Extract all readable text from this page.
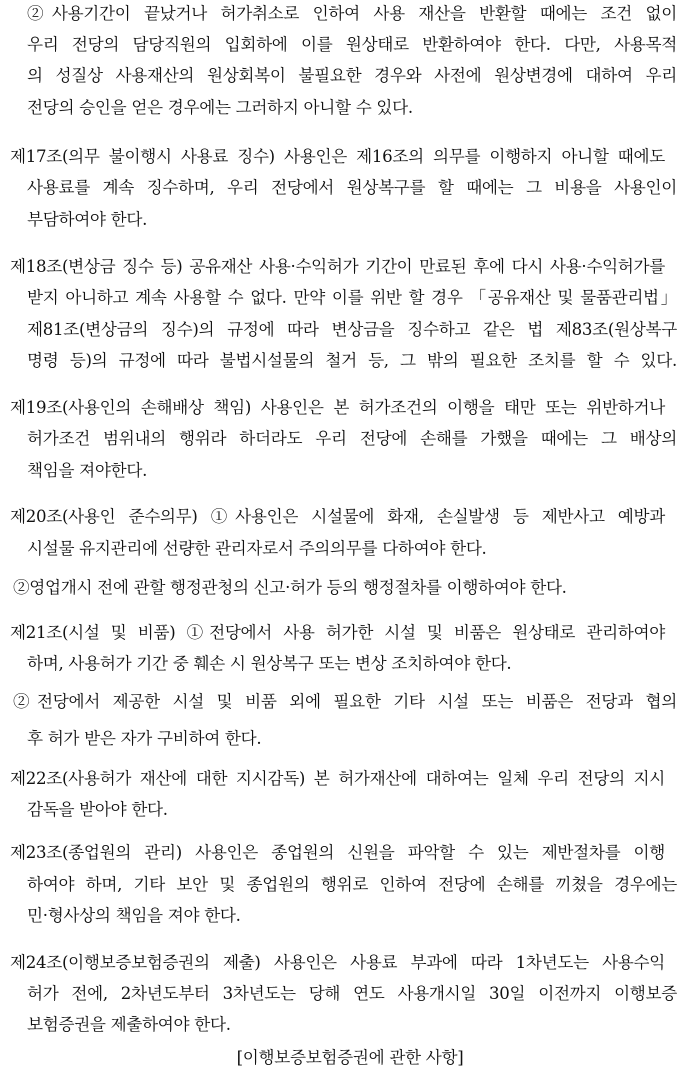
②사용기간이 끝났거나 허가취소로 인하여 사용 재산을 반환할 때에는 조건 없이
우리 전당의 담당직원의 입회하에 이를 원상태로 반환하여야 한다. 다만, 사용목적
의 성질상 사용재산의 원상회복이 불필요한 경우와 사전에 원상변경에 대하여 우리
전당의 승인을 얻은 경우에는 그러하지 아니할 수 있다.
제17조(의무 불이행시 사용료 징수) 사용인은 제16조의 의무를 이행하지 아니할 때에도
사용료를 계속 징수하며, 우리 전당에서 원상복구를 할 때에는 그 비용을 사용인이
부담하여야 한다.
제18조(변상금 징수 등) 공유재산 사용·수익허가 기간이 만료된 후에 다시 사용·수익허가를
받지 아니하고 계속 사용할 수 없다. 만약 이를 위반 할 경우 「공유재산 및 물품관리법」
제81조(변상금의 징수)의 규정에 따라 변상금을 징수하고 같은 법 제83조(원상복구
명령 등)의 규정에 따라 불법시설물의 철거 등, 그 밖의 필요한 조치를 할 수 있다.
제19조(사용인의 손해배상 책임) 사용인은 본 허가조건의 이행을 태만 또는 위반하거나
허가조건 범위내의 행위라 하더라도 우리 전당에 손해를 가했을 때에는 그 배상의
책임을 져야한다.
제20조(사용인 준수의무) ①사용인은 시설물에 화재, 손실발생 등 제반사고 예방과
시설물 유지관리에 선량한 관리자로서 주의의무를 다하여야 한다.
②영업개시 전에 관할 행정관청의 신고·허가 등의 행정절차를 이행하여야 한다.
제21조(시설 및 비품) ①전당에서 사용 허가한 시설 및 비품은 원상태로 관리하여야
하며, 사용허가 기간 중 훼손 시 원상복구 또는 변상 조치하여야 한다.
②전당에서 제공한 시설 및 비품 외에 필요한 기타 시설 또는 비품은 전당과 협의
후 허가 받은 자가 구비하여 한다.
제22조(사용허가 재산에 대한 지시감독) 본 허가재산에 대하여는 일체 우리 전당의 지시
감독을 받아야 한다.
제23조(종업원의 관리) 사용인은 종업원의 신원을 파악할 수 있는 제반절차를 이행
하여야 하며, 기타 보안 및 종업원의 행위로 인하여 전당에 손해를 끼쳤을 경우에는
민·형사상의 책임을 져야 한다.
제24조(이행보증보험증권의 제출) 사용인은 사용료 부과에 따라 1차년도는 사용수익
허가 전에, 2차년도부터 3차년도는 당해 연도 사용개시일 30일 이전까지 이행보증
보험증권을 제출하여야 한다.
[이행보증보험증권에 관한 사항]
